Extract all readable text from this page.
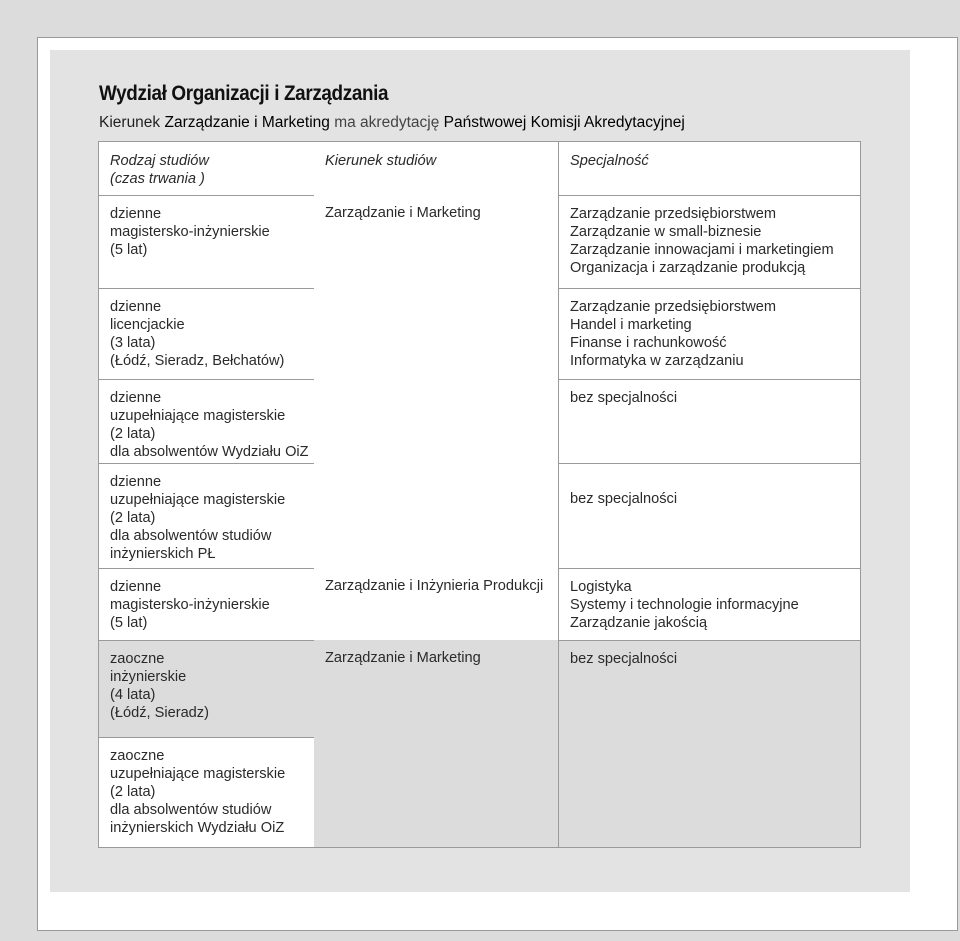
Wydział Organizacji i Zarządzania

Kierunek Zarządzanie i Marketing ma akredytację Państwowej Komisji Akredytacyjnej

Rodzaj studiów
(czas trwania )
Kierunek studiów	Specjalność
dzienne
magistersko-inżynierskie
(5 lat)
dzienne
licencjackie
(3 lata)
(Łódź, Sieradz, Bełchatów)
dzienne
uzupełniające magisterskie
(2 lata)
dla absolwentów Wydziału OiZ
dzienne
uzupełniające magisterskie
(2 lata)
dla absolwentów studiów
inżynierskich PŁ
dzienne
magistersko-inżynierskie
(5 lat)
zaoczne
inżynierskie
(4 lata)
(Łódź, Sieradz)
zaoczne
uzupełniające magisterskie
(2 lata)
dla absolwentów studiów
inżynierskich Wydziału OiZ
Zarządzanie i Marketing
Zarządzanie i Inżynieria Produkcji
Zarządzanie i Marketing
Zarządzanie przedsiębiorstwem
Zarządzanie w small-biznesie
Zarządzanie innowacjami i marketingiem
Organizacja i zarządzanie produkcją
Zarządzanie przedsiębiorstwem
Handel i marketing
Finanse i rachunkowość
Informatyka w zarządzaniu
bez specjalności
bez specjalności
Logistyka
Systemy i technologie informacyjne
Zarządzanie jakością
bez specjalności
